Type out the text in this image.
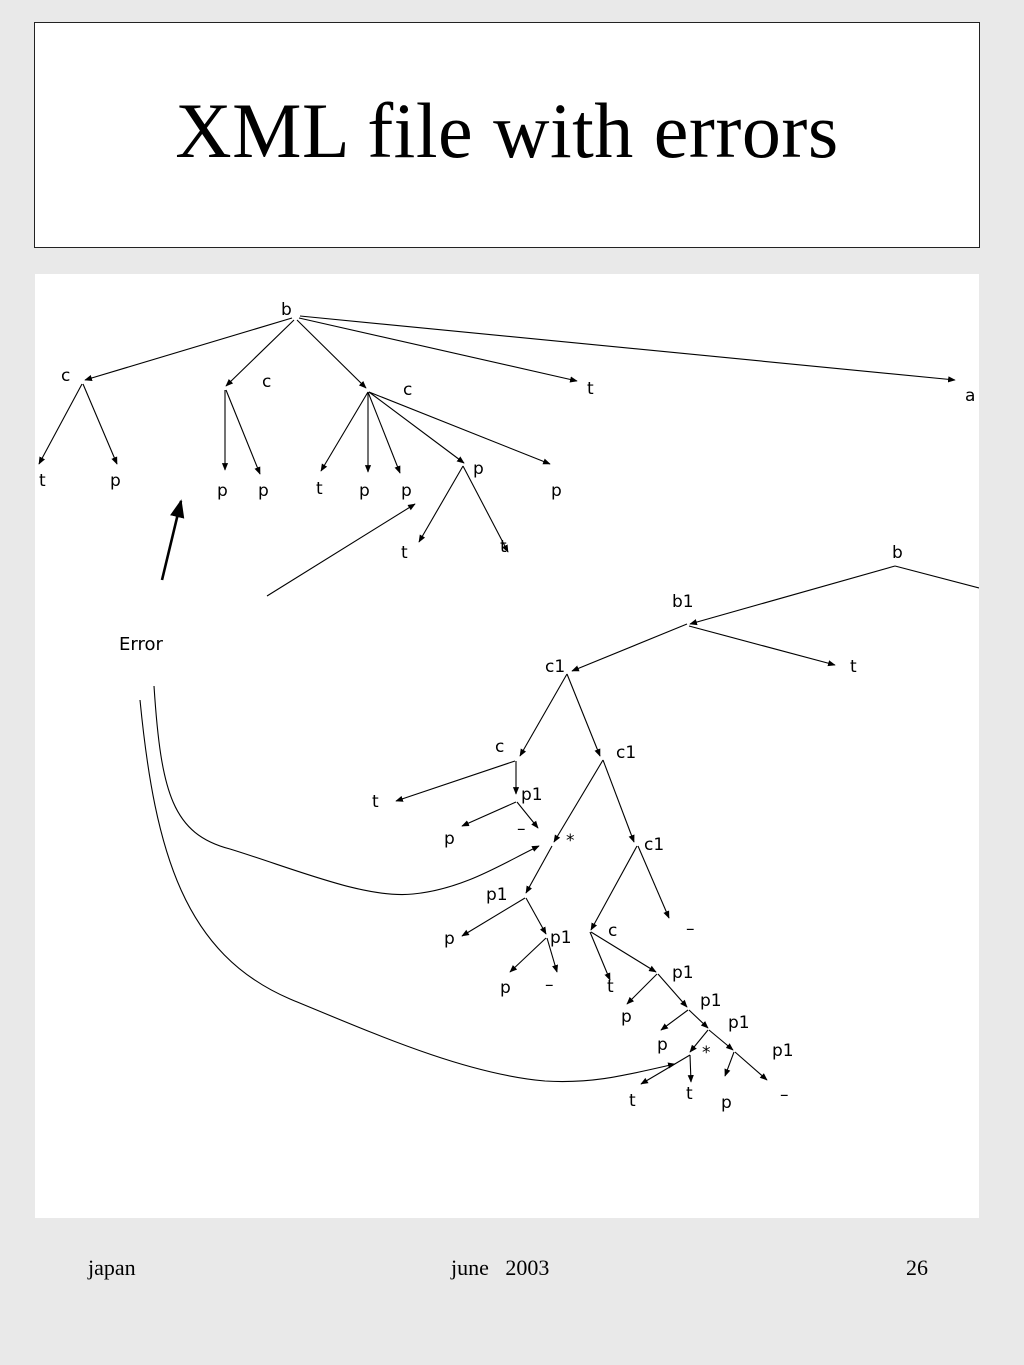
XML file with errors
b
c	c	c	t	a
t	p	p p	t p p
p
p
t	t
Error
b
b1
c1	t
c	c1
t	p1
p	–
*	c1
p1
p	p1
p –
c	–
t
p1
p1
p1
p1
p
p *
p	–
t	t
japan	june   2003	26
